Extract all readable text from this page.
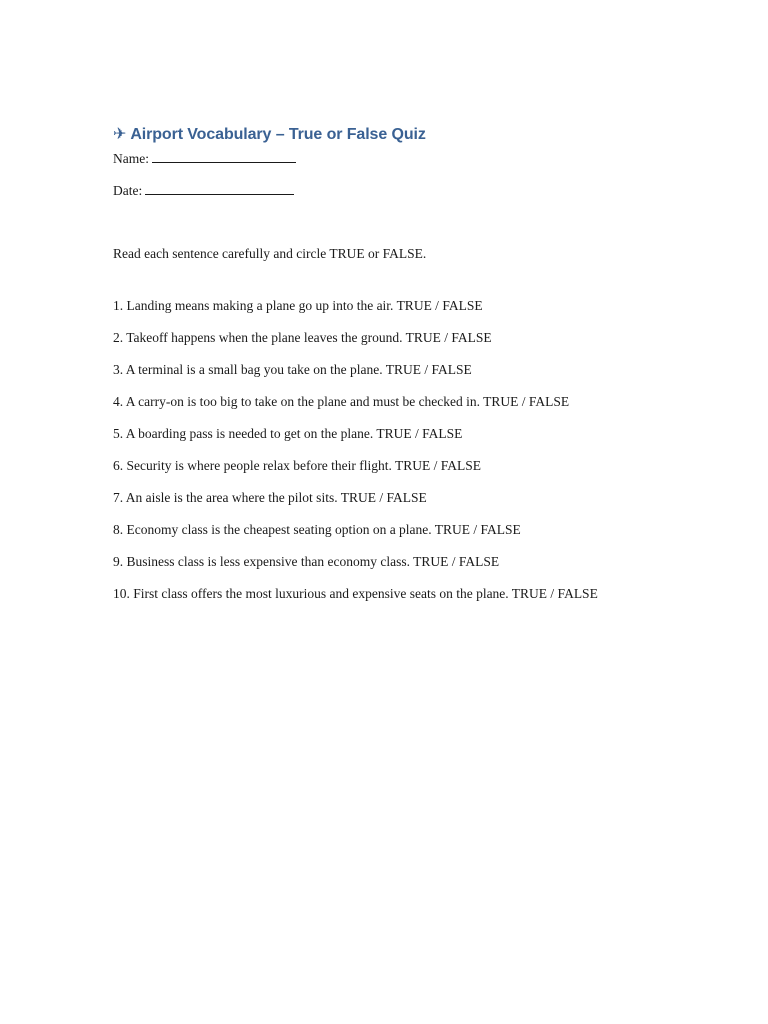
✈ Airport Vocabulary – True or False Quiz
Name:
Date:
Read each sentence carefully and circle TRUE or FALSE.
1. Landing means making a plane go up into the air. TRUE / FALSE
2. Takeoff happens when the plane leaves the ground. TRUE / FALSE
3. A terminal is a small bag you take on the plane. TRUE / FALSE
4. A carry-on is too big to take on the plane and must be checked in. TRUE / FALSE
5. A boarding pass is needed to get on the plane. TRUE / FALSE
6. Security is where people relax before their flight. TRUE / FALSE
7. An aisle is the area where the pilot sits. TRUE / FALSE
8. Economy class is the cheapest seating option on a plane. TRUE / FALSE
9. Business class is less expensive than economy class. TRUE / FALSE
10. First class offers the most luxurious and expensive seats on the plane. TRUE / FALSE
